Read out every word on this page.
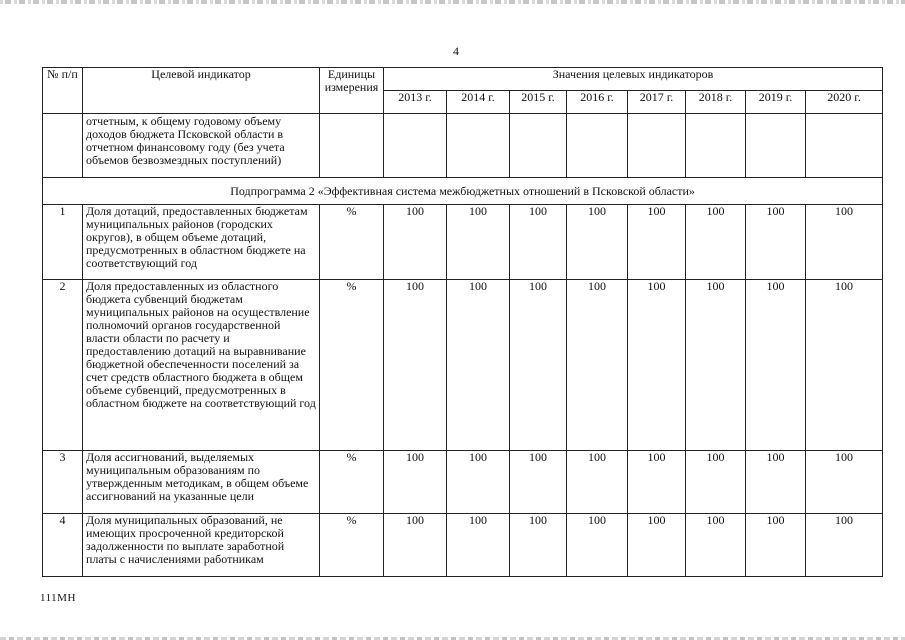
4
№ п/п	Целевой индикатор	Единицы измерения	Значения целевых индикаторов							
			2013 г.	2014 г.	2015 г.	2016 г.	2017 г.	2018 г.	2019 г.	2020 г.
	отчетным, к общему годовому объему доходов бюджета Псковской области в отчетном финансовому году (без учета объемов безвозмездных поступлений)									
Подпрограмма 2 «Эффективная система межбюджетных отношений в Псковской области»										
1	Доля дотаций, предоставленных бюджетам муниципальных районов (городских округов), в общем объеме дотаций, предусмотренных в областном бюджете на соответствующий год	%	100	100	100	100	100	100	100	100
2	Доля предоставленных из областного бюджета субвенций бюджетам муниципальных районов на осуществление полномочий органов государственной власти области по расчету и предоставлению дотаций на выравнивание бюджетной обеспеченности поселений за счет средств областного бюджета в общем объеме субвенций, предусмотренных в областном бюджете на соответствующий год	%	100	100	100	100	100	100	100	100
3	Доля ассигнований, выделяемых муниципальным образованиям по утвержденным методикам, в общем объеме ассигнований на указанные цели	%	100	100	100	100	100	100	100	100
4	Доля муниципальных образований, не имеющих просроченной кредиторской задолженности по выплате заработной платы с начислениями работникам	%	100	100	100	100	100	100	100	100
111МН
